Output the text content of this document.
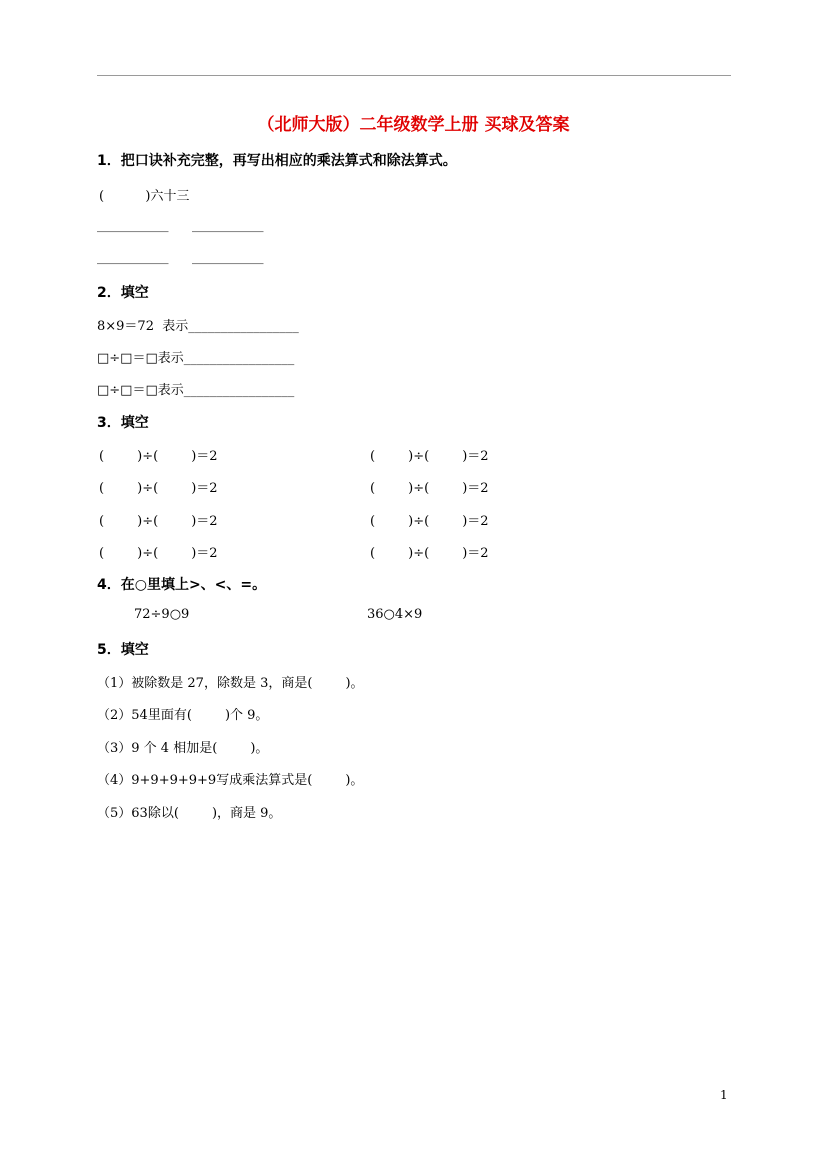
（北师大版）二年级数学上册 买球及答案
1．把口诀补充完整，再写出相应的乘法算式和除法算式。
(          )六十三
___________ ___________
___________ ___________
2．填空
8×9＝72  表示_________________
□÷□＝□表示_________________
□÷□＝□表示_________________
3．填空
(        )÷(        )＝2	(        )÷(        )＝2
(        )÷(        )＝2	(        )÷(        )＝2
(        )÷(        )＝2	(        )÷(        )＝2
(        )÷(        )＝2	(        )÷(        )＝2
4．在○里填上>、<、=。
72÷9○9	36○4×9
5．填空
（1）被除数是 27，除数是 3，商是(        )。
（2）54里面有(        )个 9。
（3）9 个 4 相加是(        )。
（4）9+9+9+9+9写成乘法算式是(        )。
（5）63除以(        )，商是 9。
1
